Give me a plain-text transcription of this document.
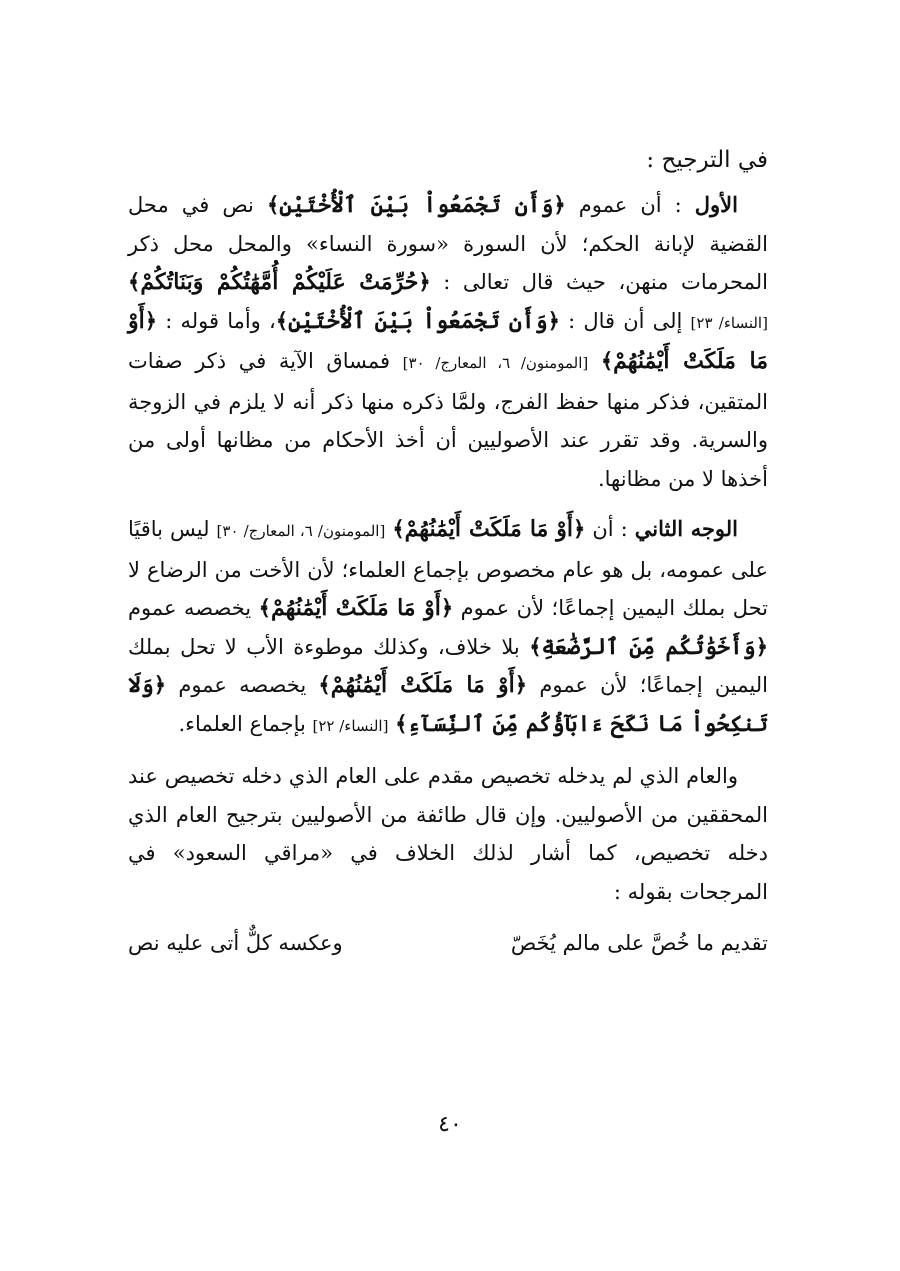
في الترجيح :

الأول : أن عموم ﴿وَأَن تَجْمَعُواْ بَيْنَ ٱلْأُخْتَيْنِ﴾ نص في محل القضية لإبانة الحكم؛ لأن السورة «سورة النساء» والمحل محل ذكر المحرمات منهن، حيث قال تعالى : ﴿حُرِّمَتْ عَلَيْكُمْ أُمَّهَٰتُكُمْ وَبَنَاتُكُمْ﴾ [النساء/ ٢٣] إلى أن قال : ﴿وَأَن تَجْمَعُواْ بَيْنَ ٱلْأُخْتَيْنِ﴾، وأما قوله : ﴿أَوْ مَا مَلَكَتْ أَيْمَٰنُهُمْ﴾ [المومنون/ ٦، المعارج/ ٣٠] فمساق الآية في ذكر صفات المتقين، فذكر منها حفظ الفرج، ولمَّا ذكره منها ذكر أنه لا يلزم في الزوجة والسرية. وقد تقرر عند الأصوليين أن أخذ الأحكام من مظانها أولى من أخذها لا من مظانها.

الوجه الثاني : أن ﴿أَوْ مَا مَلَكَتْ أَيْمَٰنُهُمْ﴾ [المومنون/ ٦، المعارج/ ٣٠] ليس باقيًا على عمومه، بل هو عام مخصوص بإجماع العلماء؛ لأن الأخت من الرضاع لا تحل بملك اليمين إجماعًا؛ لأن عموم ﴿أَوْ مَا مَلَكَتْ أَيْمَٰنُهُمْ﴾ يخصصه عموم ﴿وَأَخَوَٰتُكُم مِّنَ ٱلرَّضَٰعَةِ﴾ بلا خلاف، وكذلك موطوءة الأب لا تحل بملك اليمين إجماعًا؛ لأن عموم ﴿أَوْ مَا مَلَكَتْ أَيْمَٰنُهُمْ﴾ يخصصه عموم ﴿وَلَا تَنكِحُواْ مَا نَكَحَ ءَابَآؤُكُم مِّنَ ٱلنِّسَآءِ﴾ [النساء/ ٢٢] بإجماع العلماء.

والعام الذي لم يدخله تخصيص مقدم على العام الذي دخله تخصيص عند المحققين من الأصوليين. وإن قال طائفة من الأصوليين بترجيح العام الذي دخله تخصيص، كما أشار لذلك الخلاف في «مراقي السعود» في المرجحات بقوله :

تقديم ما خُصَّ على مالم يُخَصّ
وعكسه كلٌّ أتى عليه نص
٤٠
